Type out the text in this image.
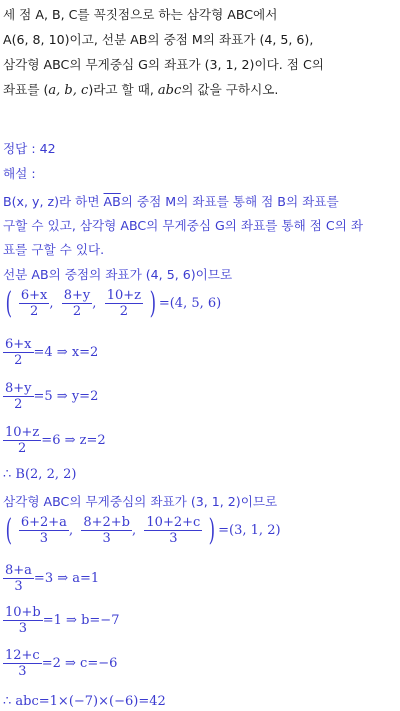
세 점 A, B, C를 꼭짓점으로 하는 삼각형 ABC에서
A(6, 8, 10)이고, 선분 AB의 중점 M의 좌표가 (4, 5, 6),
삼각형 ABC의 무게중심 G의 좌표가 (3, 1, 2)이다. 점 C의
좌표를 (a, b, c)라고 할 때, abc의 값을 구하시오.
정답 : 42
해설 :
B(x, y, z)라 하면 $\overline{AB}$의 중점 M의 좌표를 통해 점 B의 좌표를
구할 수 있고, 삼각형 ABC의 무게중심 G의 좌표를 통해 점 C의 좌
표를 구할 수 있다.
선분 AB의 중점의 좌표가 (4, 5, 6)이므로
( $\frac{6+x}{2}$ , $\frac{8+y}{2}$ , $\frac{10+z}{2}$ ) =(4, 5, 6)
$\frac{6+x}{2} =4$ ⇒ x=2
$\frac{8+y}{2} =5$ ⇒ y=2
$\frac{10+z}{2} =6$ ⇒ z=2
∴ B(2, 2, 2)
삼각형 ABC의 무게중심의 좌표가 (3, 1, 2)이므로
( $\frac{6+2+a}{3}$ , $\frac{8+2+b}{3}$ , $\frac{10+2+c}{3}$ ) =(3, 1, 2)
$\frac{8+a}{3} =3$ ⇒ a=1
$\frac{10+b}{3} =1$ ⇒ b=−7
$\frac{12+c}{3} =2$ ⇒ c=−6
∴ abc=1×(−7)×(−6)=42
